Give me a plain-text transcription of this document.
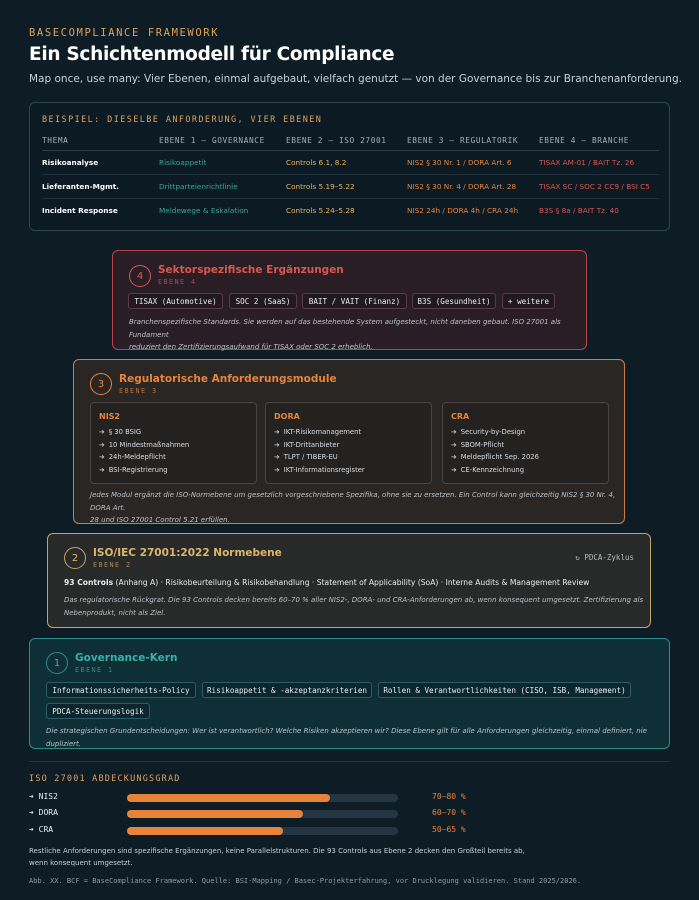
BASECOMPLIANCE FRAMEWORK
Ein Schichtenmodell für Compliance
Map once, use many: Vier Ebenen, einmal aufgebaut, vielfach genutzt — von der Governance bis zur Branchenanforderung.
BEISPIEL: DIESELBE ANFORDERUNG, VIER EBENEN
THEMA	EBENE 1 — GOVERNANCE	EBENE 2 — ISO 27001	EBENE 3 — REGULATORIK	EBENE 4 — BRANCHE
Risikoanalyse	Risikoappetit	Controls 6.1, 8.2	NIS2 § 30 Nr. 1 / DORA Art. 6	TISAX AM-01 / BAIT Tz. 26
Lieferanten-Mgmt.	Drittparteienrichtlinie	Controls 5.19–5.22	NIS2 § 30 Nr. 4 / DORA Art. 28	TISAX SC / SOC 2 CC9 / BSI C5
Incident Response	Meldewege & Eskalation	Controls 5.24–5.28	NIS2 24h / DORA 4h / CRA 24h	B3S § 8a / BAIT Tz. 40
4	Sektorspezifische Ergänzungen
EBENE 4
TISAX (Automotive)	SOC 2 (SaaS)	BAIT / VAIT (Finanz)	B3S (Gesundheit)	+ weitere
Branchenspezifische Standards. Sie werden auf das bestehende System aufgesteckt, nicht daneben gebaut. ISO 27001 als Fundament
reduziert den Zertifizierungsaufwand für TISAX oder SOC 2 erheblich.
3	Regulatorische Anforderungsmodule
EBENE 3
NIS2
➔ § 30 BSIG
➔ 10 Mindestmaßnahmen
➔ 24h-Meldepflicht
➔ BSI-Registrierung
DORA
➔ IKT-Risikomanagement
➔ IKT-Drittanbieter
➔ TLPT / TIBER-EU
➔ IKT-Informationsregister
CRA
➔ Security-by-Design
➔ SBOM-Pflicht
➔ Meldepflicht Sep. 2026
➔ CE-Kennzeichnung
Jedes Modul ergänzt die ISO-Normebene um gesetzlich vorgeschriebene Spezifika, ohne sie zu ersetzen. Ein Control kann gleichzeitig NIS2 § 30 Nr. 4, DORA Art.
28 und ISO 27001 Control 5.21 erfüllen.
2	ISO/IEC 27001:2022 Normebene
EBENE 2
↻ PDCA-Zyklus
93 Controls (Anhang A) · Risikobeurteilung & Risikobehandlung · Statement of Applicability (SoA) · Interne Audits & Management Review
Das regulatorische Rückgrat. Die 93 Controls decken bereits 60–70 % aller NIS2-, DORA- und CRA-Anforderungen ab, wenn konsequent umgesetzt. Zertifizierung als
Nebenprodukt, nicht als Ziel.
1	Governance-Kern
EBENE 1
Informationssicherheits-Policy	Risikoappetit & -akzeptanzkriterien	Rollen & Verantwortlichkeiten (CISO, ISB, Management)
PDCA-Steuerungslogik
Die strategischen Grundentscheidungen: Wer ist verantwortlich? Welche Risiken akzeptieren wir? Diese Ebene gilt für alle Anforderungen gleichzeitig, einmal definiert, nie dupliziert.
ISO 27001 ABDECKUNGSGRAD
➔ NIS2	70–80 %
➔ DORA	60–70 %
➔ CRA	50–65 %
Restliche Anforderungen sind spezifische Ergänzungen, keine Parallelstrukturen. Die 93 Controls aus Ebene 2 decken den Großteil bereits ab, wenn konsequent umgesetzt.
Abb. XX. BCF = BaseCompliance Framework. Quelle: BSI-Mapping / Basec-Projekterfahrung, vor Drucklegung validieren. Stand 2025/2026.
